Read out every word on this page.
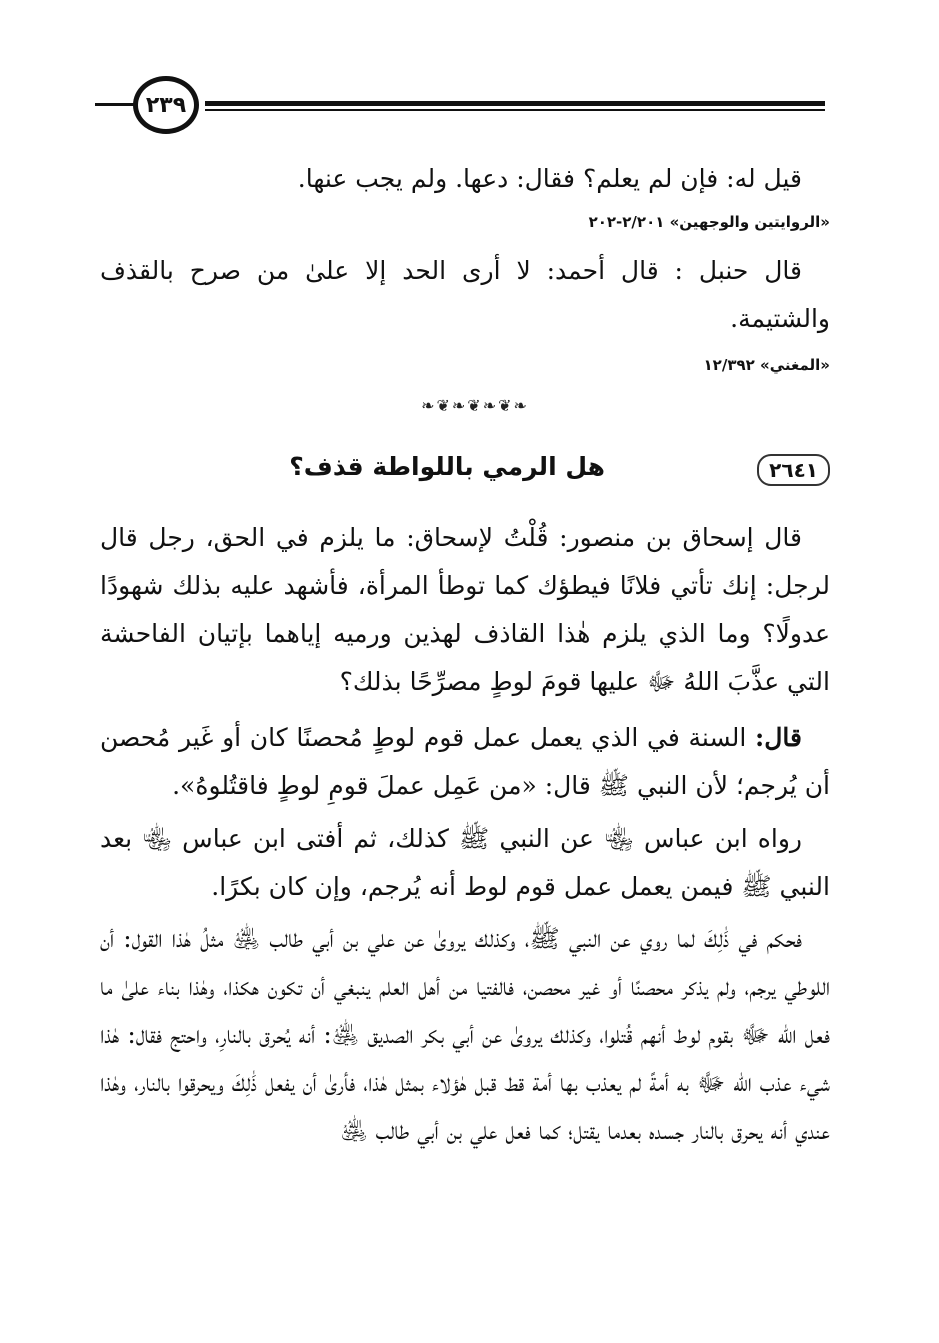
٢٣٩

قيل له: فإن لم يعلم؟ فقال: دعها. ولم يجب عنها.

«الروايتين والوجهين» ٢/٢٠١-٢٠٢

قال حنبل : قال أحمد: لا أرى الحد إلا علىٰ من صرح بالقذف والشتيمة.

«المغني» ١٢/٣٩٢

❧❦❧❦❧❦❧
٢٦٤١
هل الرمي باللواطة قذف؟

قال إسحاق بن منصور: قُلْتُ لإسحاق: ما يلزم في الحق، رجل قال لرجل: إنك تأتي فلانًا فيطؤك كما توطأ المرأة، فأشهد عليه بذلك شهودًا عدولًا؟ وما الذي يلزم هٰذا القاذف لهذين ورميه إياهما بإتيان الفاحشة التي عذَّبَ اللهُ ﷻ عليها قومَ لوطٍ مصرِّحًا بذلك؟

قال: السنة في الذي يعمل عمل قوم لوطٍ مُحصنًا كان أو غَير مُحصن أن يُرجم؛ لأن النبي ﷺ قال: «من عَمِل عملَ قومِ لوطٍ فاقتُلوهُ».

رواه ابن عباس ﵄ عن النبي ﷺ كذلك، ثم أفتى ابن عباس ﵄ بعد النبي ﷺ فيمن يعمل عمل قوم لوط أنه يُرجم، وإن كان بكرًا.

فحكم في ذَٰلِكَ لما روي عن النبي ﷺ، وكذلك يروىٰ عن علي بن أبي طالب ﵁ مثلُ هٰذا القول: أن اللوطي يرجم، ولم يذكر محصنًا أو غير محصن، فالفتيا من أهل العلم ينبغي أن تكون هكذا، وهٰذا بناء علىٰ ما فعل الله ﷻ بقوم لوط أنهم قُتلوا، وكذلك يروىٰ عن أبي بكر الصديق ﵁: أنه يُحرق بالنارِ، واحتج فقال: هٰذا شيء عذب الله ﷻ به أمةً لم يعذب بها أمة قط قبل هٰؤلاء بمثل هٰذا، فأرىٰ أن يفعل ذَٰلِكَ ويحرقوا بالنار، وهٰذا عندي أنه يحرق بالنار جسده بعدما يقتل؛ كما فعل علي بن أبي طالب ﵁
